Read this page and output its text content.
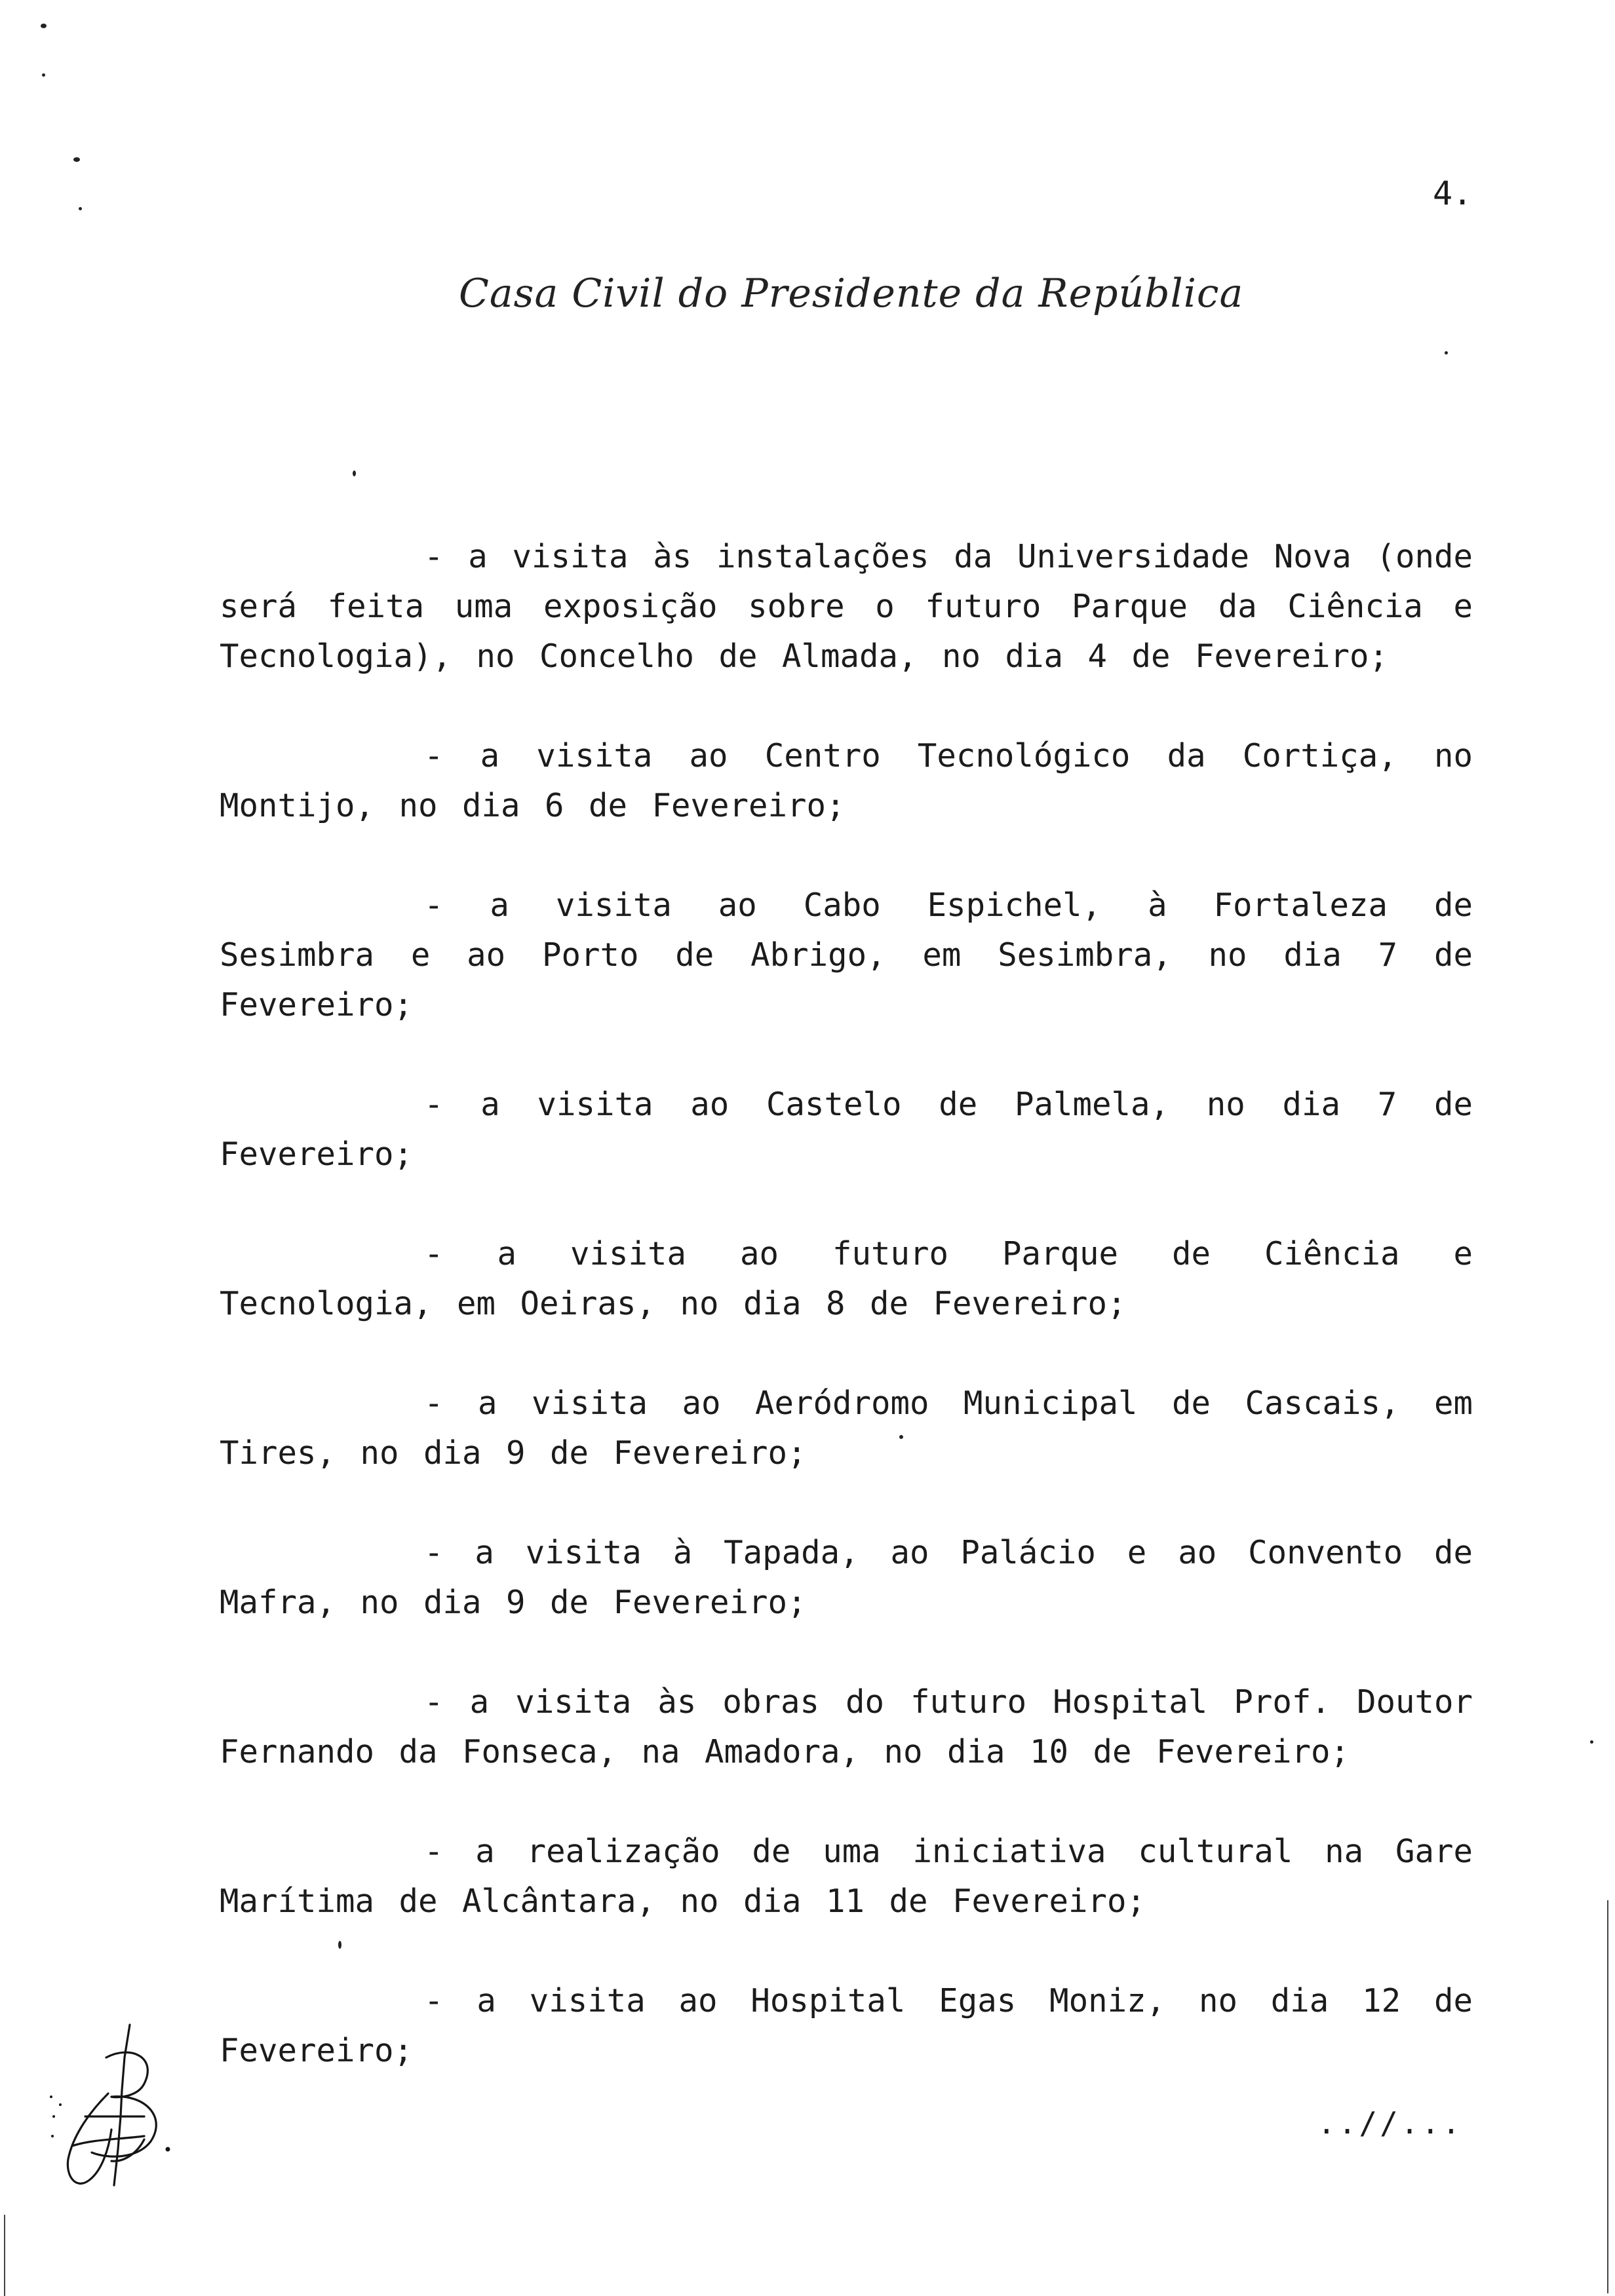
4.
Casa Civil do Presidente da República

- a visita às instalações da Universidade Nova (onde será feita uma exposição sobre o futuro Parque da Ciência e Tecnologia), no Concelho de Almada, no dia 4 de Fevereiro;

- a visita ao Centro Tecnológico da Cortiça, no Montijo, no dia 6 de Fevereiro;

- a visita ao Cabo Espichel, à Fortaleza de Sesimbra e ao Porto de Abrigo, em Sesimbra, no dia 7 de Fevereiro;

- a visita ao Castelo de Palmela, no dia 7 de Fevereiro;

- a visita ao futuro Parque de Ciência e Tecnologia, em Oeiras, no dia 8 de Fevereiro;

- a visita ao Aeródromo Municipal de Cascais, em Tires, no dia 9 de Fevereiro;

- a visita à Tapada, ao Palácio e ao Convento de Mafra, no dia 9 de Fevereiro;

- a visita às obras do futuro Hospital Prof. Doutor Fernando da Fonseca, na Amadora, no dia 10 de Fevereiro;

- a realização de uma iniciativa cultural na Gare Marítima de Alcântara, no dia 11 de Fevereiro;

- a visita ao Hospital Egas Moniz, no dia 12 de Fevereiro;

..//...
